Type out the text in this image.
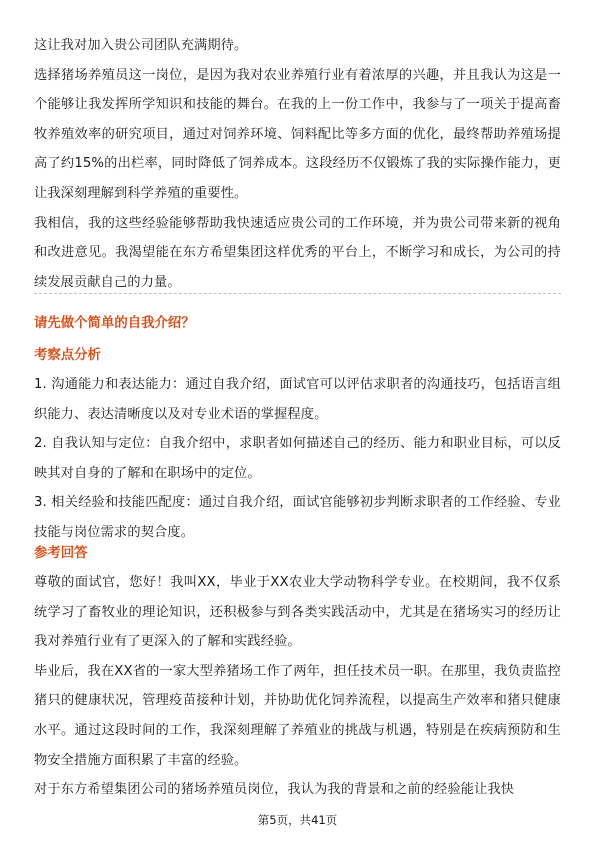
这让我对加入贵公司团队充满期待。

选择猪场养殖员这一岗位，是因为我对农业养殖行业有着浓厚的兴趣，并且我认为这是一个能够让我发挥所学知识和技能的舞台。在我的上一份工作中，我参与了一项关于提高畜牧养殖效率的研究项目，通过对饲养环境、饲料配比等多方面的优化，最终帮助养殖场提高了约15%的出栏率，同时降低了饲养成本。这段经历不仅锻炼了我的实际操作能力，更让我深刻理解到科学养殖的重要性。

我相信，我的这些经验能够帮助我快速适应贵公司的工作环境，并为贵公司带来新的视角和改进意见。我渴望能在东方希望集团这样优秀的平台上，不断学习和成长，为公司的持续发展贡献自己的力量。

请先做个简单的自我介绍？

考察点分析

1. 沟通能力和表达能力：通过自我介绍，面试官可以评估求职者的沟通技巧，包括语言组织能力、表达清晰度以及对专业术语的掌握程度。

2. 自我认知与定位：自我介绍中，求职者如何描述自己的经历、能力和职业目标，可以反映其对自身的了解和在职场中的定位。

3. 相关经验和技能匹配度：通过自我介绍，面试官能够初步判断求职者的工作经验、专业技能与岗位需求的契合度。

参考回答

尊敬的面试官，您好！我叫XX，毕业于XX农业大学动物科学专业。在校期间，我不仅系统学习了畜牧业的理论知识，还积极参与到各类实践活动中，尤其是在猪场实习的经历让我对养殖行业有了更深入的了解和实践经验。

毕业后，我在XX省的一家大型养猪场工作了两年，担任技术员一职。在那里，我负责监控猪只的健康状况，管理疫苗接种计划，并协助优化饲养流程，以提高生产效率和猪只健康水平。通过这段时间的工作，我深刻理解了养殖业的挑战与机遇，特别是在疾病预防和生物安全措施方面积累了丰富的经验。

对于东方希望集团公司的猪场养殖员岗位，我认为我的背景和之前的经验能让我快

第5页，共41页
